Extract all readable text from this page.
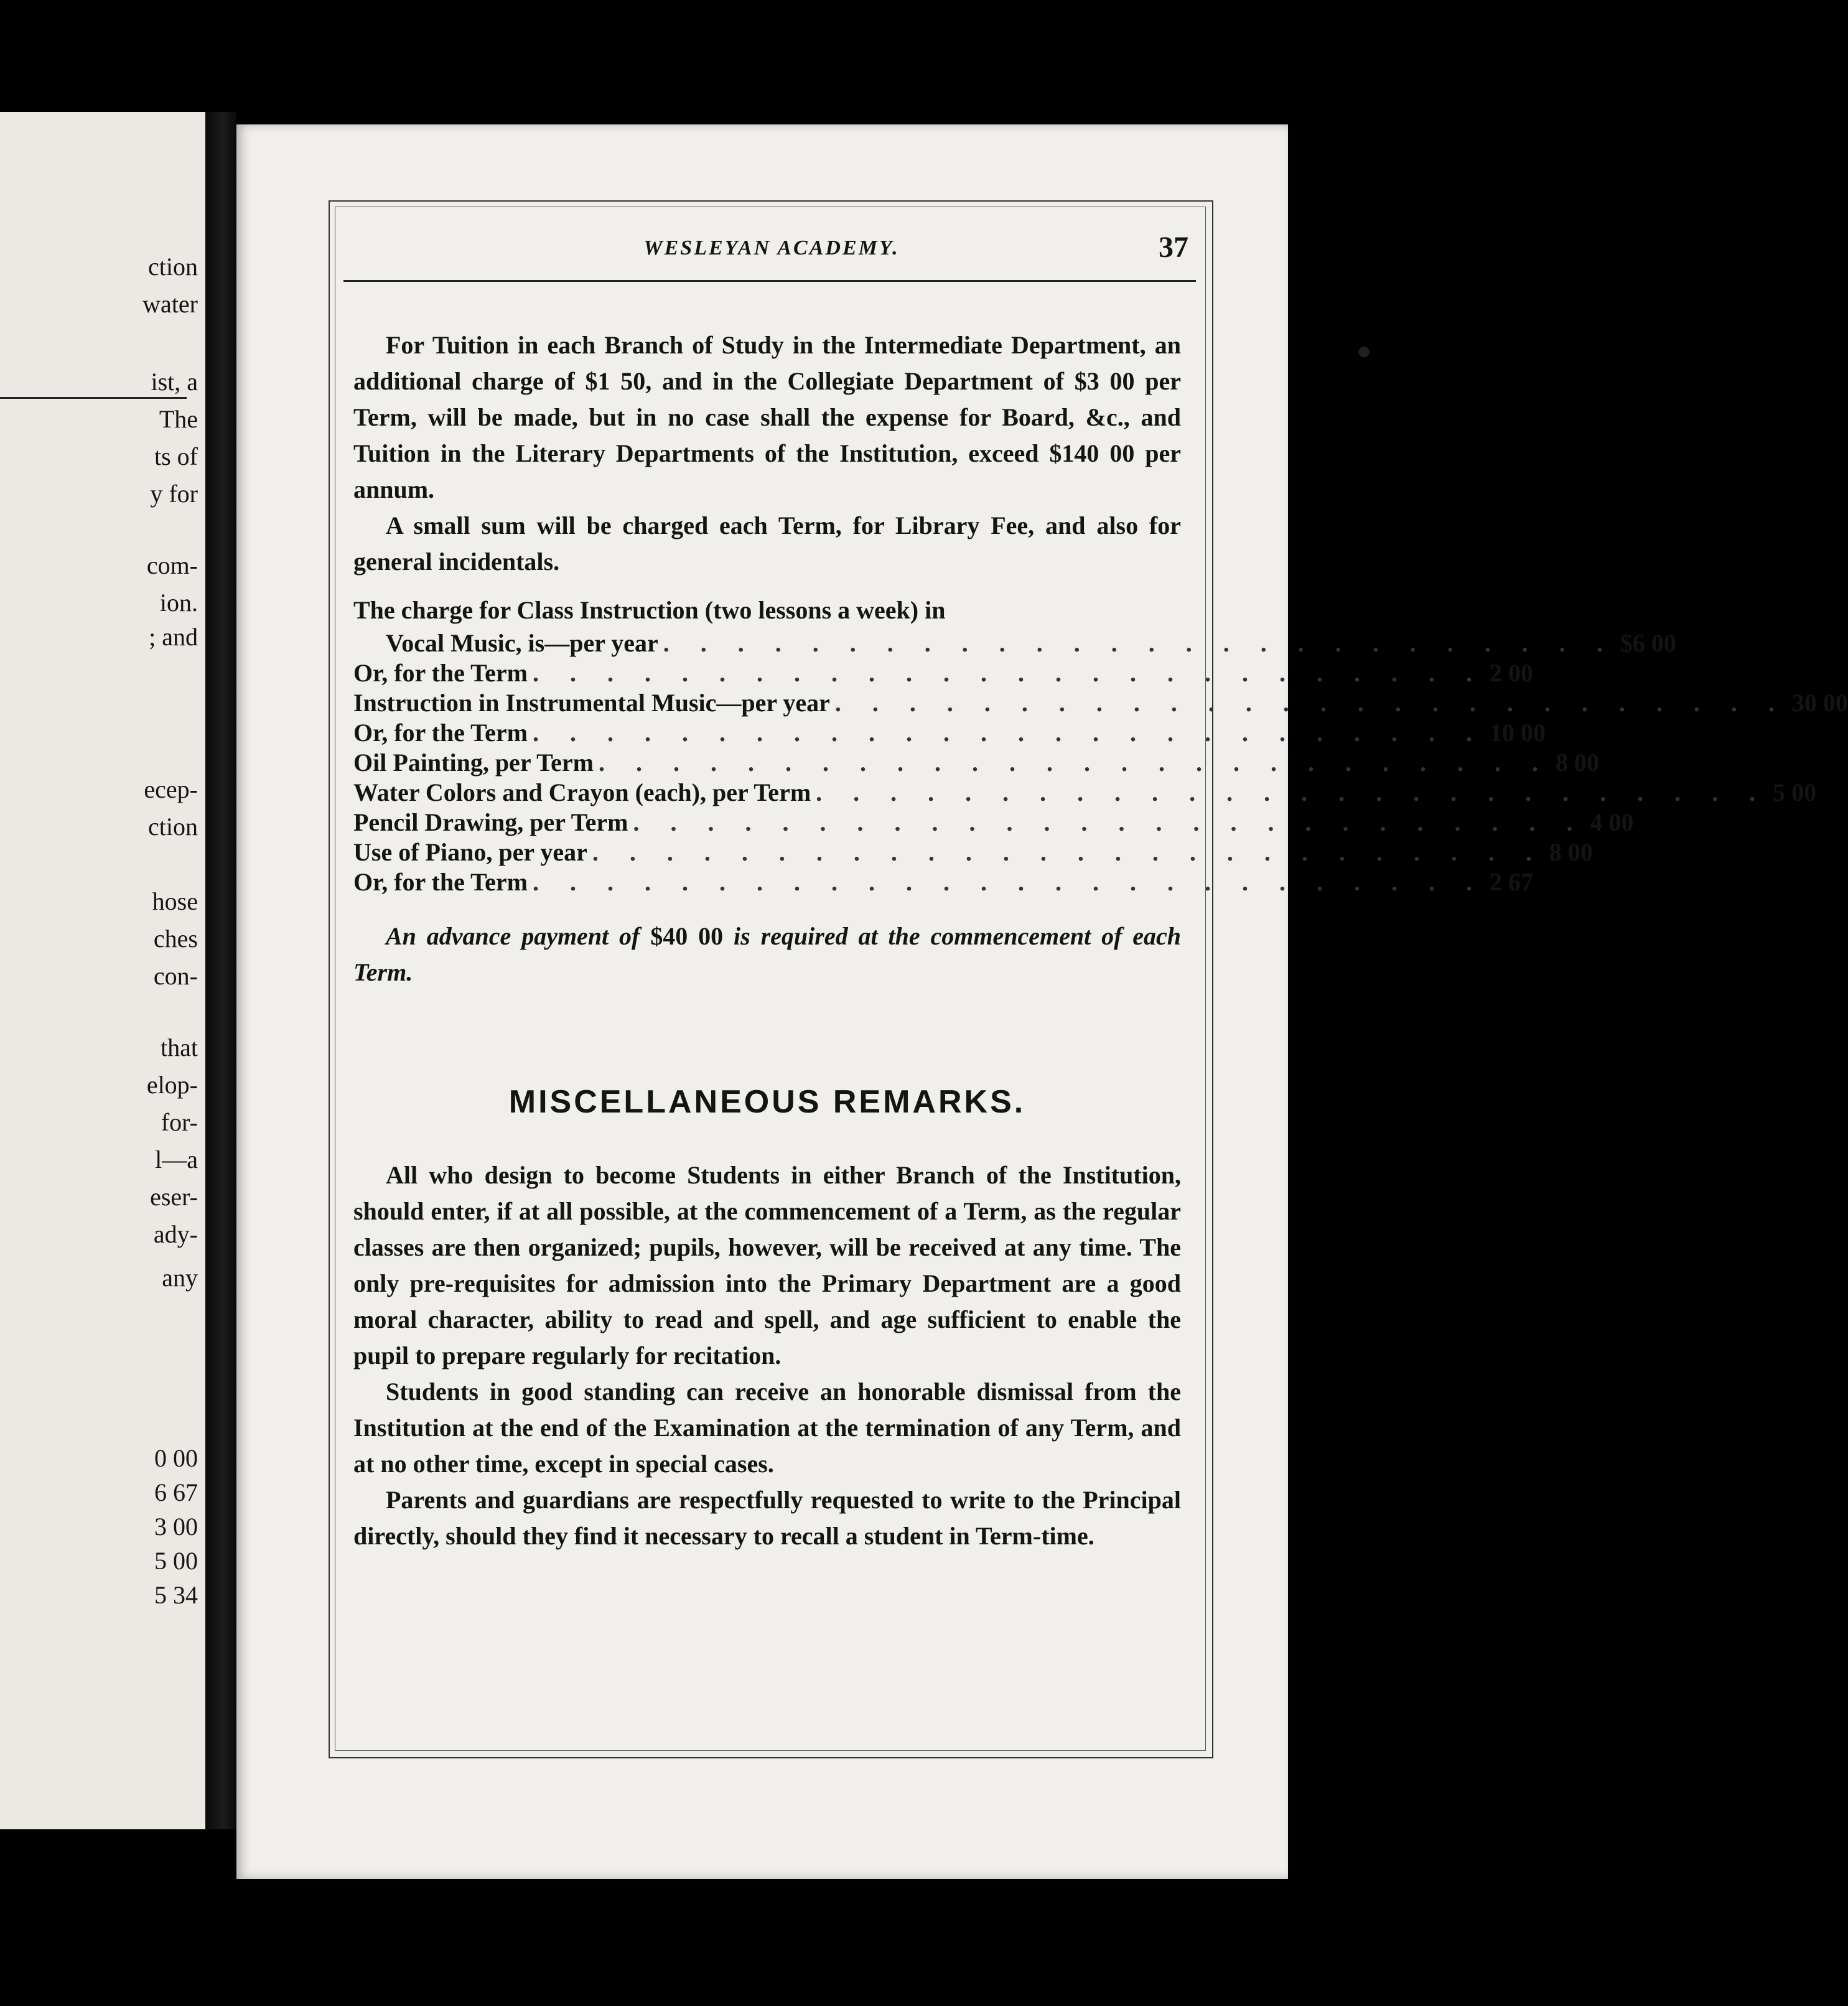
ction
water
ist, a
The
ts of
y for
com-
ion.
; and
ecep-
ction
hose
ches
con-
that
elop-
for-
l—a
eser-
ady-
any
0 00
6 67
3 00
5 00
5 34
WESLEYAN ACADEMY.	37

For Tuition in each Branch of Study in the Intermediate Department, an additional charge of $1 50, and in the Collegiate Department of $3 00 per Term, will be made, but in no case shall the expense for Board, &c., and Tuition in the Literary Departments of the Institution, exceed $140 00 per annum.

A small sum will be charged each Term, for Library Fee, and also for general incidentals.

The charge for Class Instruction (two lessons a week) in

Vocal Music, is—per year . . . . . . . . . . . . . . . . . . . . . . . . . . $6 00
Or, for the Term . . . . . . . . . . . . . . . . . . . . . . . . . . 2 00
Instruction in Instrumental Music—per year . . . . . . . . . . . . . . . . . . . . . . . . . . 30 00
Or, for the Term . . . . . . . . . . . . . . . . . . . . . . . . . . 10 00
Oil Painting, per Term . . . . . . . . . . . . . . . . . . . . . . . . . . 8 00
Water Colors and Crayon (each), per Term . . . . . . . . . . . . . . . . . . . . . . . . . . 5 00
Pencil Drawing, per Term . . . . . . . . . . . . . . . . . . . . . . . . . . 4 00
Use of Piano, per year . . . . . . . . . . . . . . . . . . . . . . . . . . 8 00
Or, for the Term . . . . . . . . . . . . . . . . . . . . . . . . . . 2 67

An advance payment of $40 00 is required at the commencement of each Term.

MISCELLANEOUS REMARKS.

All who design to become Students in either Branch of the Institution, should enter, if at all possible, at the commencement of a Term, as the regular classes are then organized; pupils, however, will be received at any time. The only pre-requisites for admission into the Primary Department are a good moral character, ability to read and spell, and age sufficient to enable the pupil to prepare regularly for recitation.

Students in good standing can receive an honorable dismissal from the Institution at the end of the Examination at the termination of any Term, and at no other time, except in special cases.

Parents and guardians are respectfully requested to write to the Principal directly, should they find it necessary to recall a student in Term-time.

●
